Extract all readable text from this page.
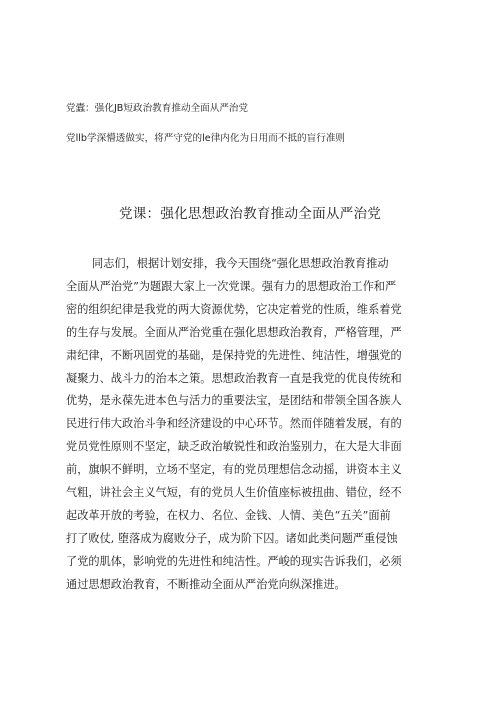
党蠹：强化JB短政治教育推动全面从严治党
党llb学深懵透做实，将严守党的le律内化为日用而不抵的盲行准则
党课：强化思想政治教育推动全面从严治党
同志们，根据计划安排，我今天围绕“强化思想政治教育推动
全面从严治党”为题跟大家上一次党课。强有力的思想政治工作和严
密的组织纪律是我党的两大资源优势，它决定着党的性质，维系着党
的生存与发展。全面从严治党重在强化思想政治教育，严格管理，严
肃纪律，不断巩固党的基础，是保持党的先进性、纯洁性，增强党的
凝聚力、战斗力的治本之策。思想政治教育一直是我党的优良传统和
优势，是永葆先进本色与活力的重要法宝，是团结和带领全国各族人
民进行伟大政治斗争和经济建设的中心环节。然而伴随着发展，有的
党员党性原则不坚定，缺乏政治敏锐性和政治鉴别力，在大是大非面
前，旗帜不鲜明，立场不坚定，有的党员理想信念动摇，讲资本主义
气粗，讲社会主义气短，有的党员人生价值座标被扭曲、错位，经不
起改革开放的考验，在权力、名位、金钱、人情、美色“五关”面前
打了败仗, 堕落成为腐败分子，成为阶下囚。诸如此类问题严重侵蚀
了党的肌体，影响党的先进性和纯洁性。严峻的现实告诉我们，必须
通过思想政治教育，不断推动全面从严治党向纵深推进。
